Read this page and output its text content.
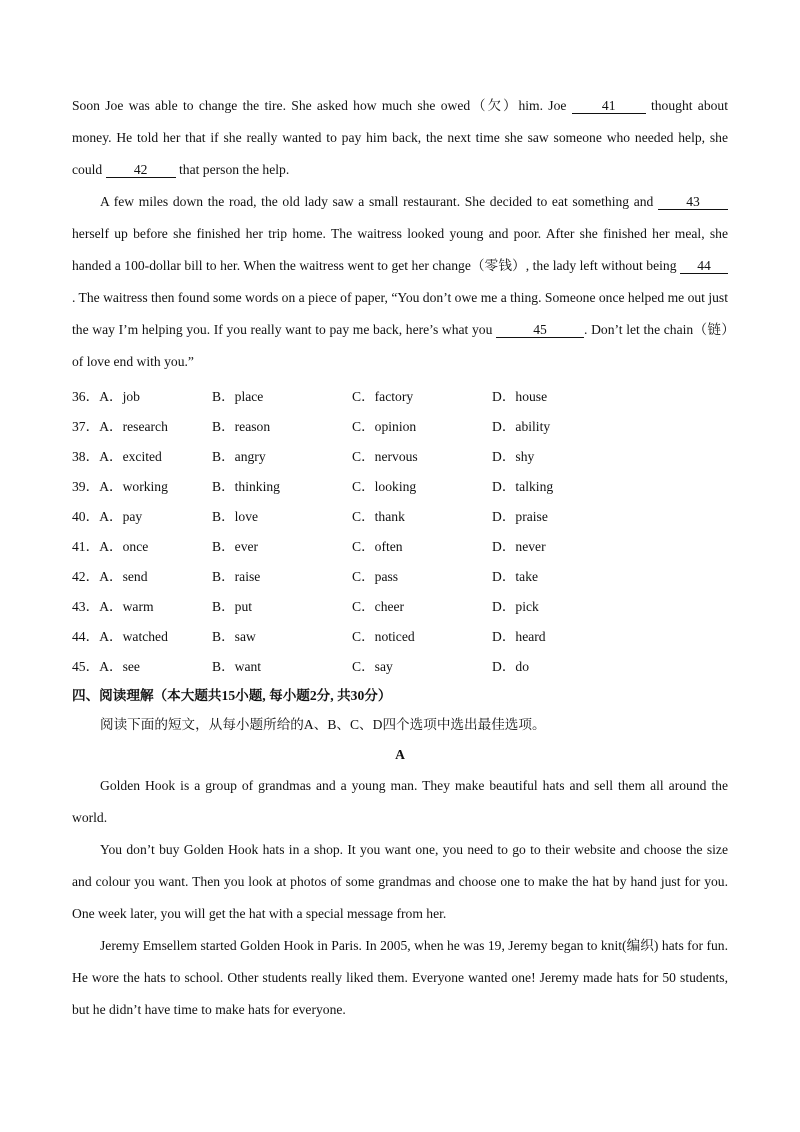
Soon Joe was able to change the tire. She asked how much she owed（欠）him. Joe 41 thought about money. He told her that if she really wanted to pay him back, the next time she saw someone who needed help, she could 42 that person the help.

A few miles down the road, the old lady saw a small restaurant. She decided to eat something and 43 herself up before she finished her trip home. The waitress looked young and poor. After she finished her meal, she handed a 100-dollar bill to her. When the waitress went to get her change（零钱）, the lady left without being 44. The waitress then found some words on a piece of paper, “You don’t owe me a thing. Someone once helped me out just the way I’m helping you. If you really want to pay me back, here’s what you	45	. Don’t let the chain（链）of love end with you.”

36．A．job	B．place	C．factory	D．house
37．A．research	B．reason	C．opinion	D．ability
38．A．excited	B．angry	C．nervous	D．shy
39．A．working	B．thinking	C．looking	D．talking
40．A．pay	B．love	C．thank	D．praise
41．A．once	B．ever	C．often	D．never
42．A．send	B．raise	C．pass	D．take
43．A．warm	B．put	C．cheer	D．pick
44．A．watched	B．saw	C．noticed	D．heard
45．A．see	B．want	C．say	D．do
四、阅读理解（本大题共15小题, 每小题2分, 共30分）
阅读下面的短文，从每小题所给的A、B、C、D四个选项中选出最佳选项。
A

Golden Hook is a group of grandmas and a young man. They make beautiful hats and sell them all around the world.

You don’t buy Golden Hook hats in a shop. It you want one, you need to go to their website and choose the size and colour you want. Then you look at photos of some grandmas and choose one to make the hat by hand just for you. One week later, you will get the hat with a special message from her.

Jeremy Emsellem started Golden Hook in Paris. In 2005, when he was 19, Jeremy began to knit(编织) hats for fun. He wore the hats to school. Other students really liked them. Everyone wanted one! Jeremy made hats for 50 students, but he didn’t have time to make hats for everyone.
